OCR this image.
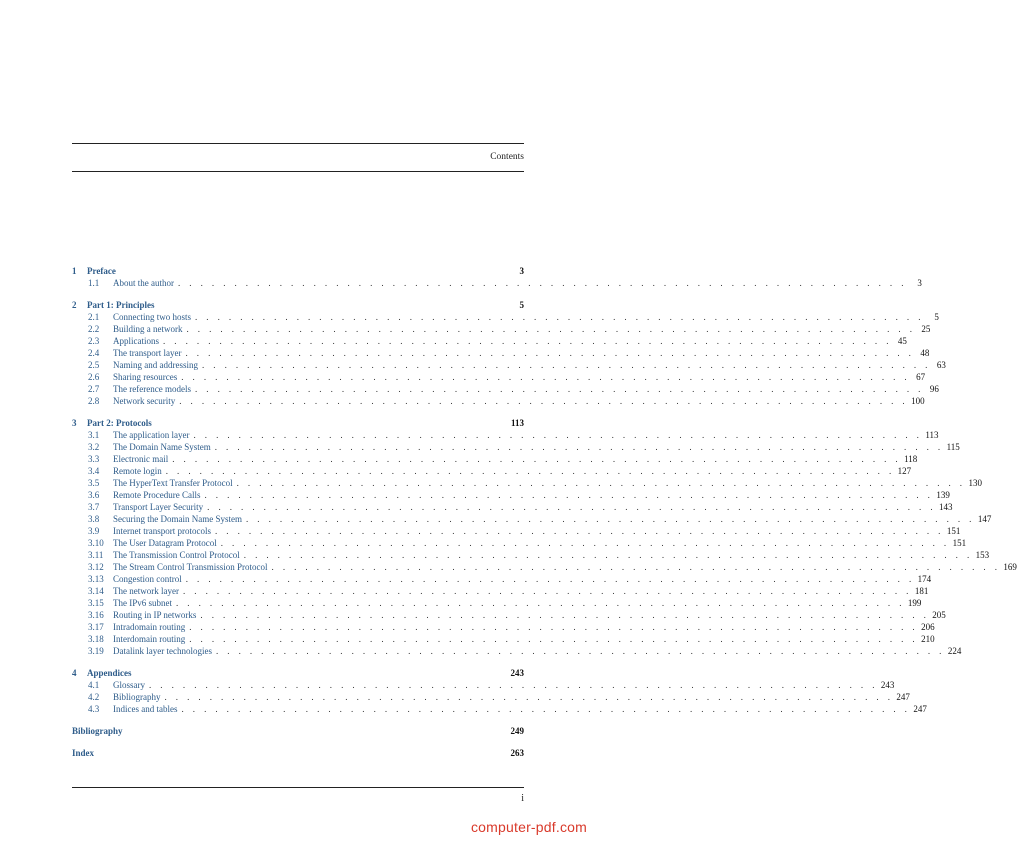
Contents
1 Preface	3
1.1 About the author . . . . . . . . . . . . . . . . . . . . . . . . . . . . . . . . . . . . . . . . . . . . . . . . . . . . . . . . . . . . . . . . .	3
2 Part 1: Principles	5
2.1 Connecting two hosts . . . . . . . . . . . . . . . . . . . . . . . . . . . . . . . . . . . . . . . . . . . . . . . . . . . . . . . . . . . . . . . . .	5
2.2 Building a network . . . . . . . . . . . . . . . . . . . . . . . . . . . . . . . . . . . . . . . . . . . . . . . . . . . . . . . . . . . . . . . . . 25
2.3 Applications . . . . . . . . . . . . . . . . . . . . . . . . . . . . . . . . . . . . . . . . . . . . . . . . . . . . . . . . . . . . . . . . . 45
2.4 The transport layer . . . . . . . . . . . . . . . . . . . . . . . . . . . . . . . . . . . . . . . . . . . . . . . . . . . . . . . . . . . . . . . . . 48
2.5 Naming and addressing . . . . . . . . . . . . . . . . . . . . . . . . . . . . . . . . . . . . . . . . . . . . . . . . . . . . . . . . . . . . . . . . . 63
2.6 Sharing resources . . . . . . . . . . . . . . . . . . . . . . . . . . . . . . . . . . . . . . . . . . . . . . . . . . . . . . . . . . . . . . . . . 67
2.7 The reference models . . . . . . . . . . . . . . . . . . . . . . . . . . . . . . . . . . . . . . . . . . . . . . . . . . . . . . . . . . . . . . . . . 96
2.8 Network security . . . . . . . . . . . . . . . . . . . . . . . . . . . . . . . . . . . . . . . . . . . . . . . . . . . . . . . . . . . . . . . . . 100
3 Part 2: Protocols	113
3.1 The application layer . . . . . . . . . . . . . . . . . . . . . . . . . . . . . . . . . . . . . . . . . . . . . . . . . . . . . . . . . . . . . . . . . 113
3.2 The Domain Name System . . . . . . . . . . . . . . . . . . . . . . . . . . . . . . . . . . . . . . . . . . . . . . . . . . . . . . . . . . . . . . . . . 115
3.3 Electronic mail . . . . . . . . . . . . . . . . . . . . . . . . . . . . . . . . . . . . . . . . . . . . . . . . . . . . . . . . . . . . . . . . . 118
3.4 Remote login . . . . . . . . . . . . . . . . . . . . . . . . . . . . . . . . . . . . . . . . . . . . . . . . . . . . . . . . . . . . . . . . . 127
3.5 The HyperText Transfer Protocol . . . . . . . . . . . . . . . . . . . . . . . . . . . . . . . . . . . . . . . . . . . . . . . . . . . . . . . . . . . . . . . . . 130
3.6 Remote Procedure Calls . . . . . . . . . . . . . . . . . . . . . . . . . . . . . . . . . . . . . . . . . . . . . . . . . . . . . . . . . . . . . . . . . 139
3.7 Transport Layer Security . . . . . . . . . . . . . . . . . . . . . . . . . . . . . . . . . . . . . . . . . . . . . . . . . . . . . . . . . . . . . . . . . 143
3.8 Securing the Domain Name System . . . . . . . . . . . . . . . . . . . . . . . . . . . . . . . . . . . . . . . . . . . . . . . . . . . . . . . . . . . . . . . . . 147
3.9 Internet transport protocols . . . . . . . . . . . . . . . . . . . . . . . . . . . . . . . . . . . . . . . . . . . . . . . . . . . . . . . . . . . . . . . . . 151
3.10 The User Datagram Protocol . . . . . . . . . . . . . . . . . . . . . . . . . . . . . . . . . . . . . . . . . . . . . . . . . . . . . . . . . . . . . . . . . 151
3.11 The Transmission Control Protocol . . . . . . . . . . . . . . . . . . . . . . . . . . . . . . . . . . . . . . . . . . . . . . . . . . . . . . . . . . . . . . . . . 153
3.12 The Stream Control Transmission Protocol . . . . . . . . . . . . . . . . . . . . . . . . . . . . . . . . . . . . . . . . . . . . . . . . . . . . . . . . . . . . . . . . . 169
3.13 Congestion control . . . . . . . . . . . . . . . . . . . . . . . . . . . . . . . . . . . . . . . . . . . . . . . . . . . . . . . . . . . . . . . . . 174
3.14 The network layer . . . . . . . . . . . . . . . . . . . . . . . . . . . . . . . . . . . . . . . . . . . . . . . . . . . . . . . . . . . . . . . . . 181
3.15 The IPv6 subnet . . . . . . . . . . . . . . . . . . . . . . . . . . . . . . . . . . . . . . . . . . . . . . . . . . . . . . . . . . . . . . . . . 199
3.16 Routing in IP networks . . . . . . . . . . . . . . . . . . . . . . . . . . . . . . . . . . . . . . . . . . . . . . . . . . . . . . . . . . . . . . . . . 205
3.17 Intradomain routing . . . . . . . . . . . . . . . . . . . . . . . . . . . . . . . . . . . . . . . . . . . . . . . . . . . . . . . . . . . . . . . . . 206
3.18 Interdomain routing . . . . . . . . . . . . . . . . . . . . . . . . . . . . . . . . . . . . . . . . . . . . . . . . . . . . . . . . . . . . . . . . . 210
3.19 Datalink layer technologies . . . . . . . . . . . . . . . . . . . . . . . . . . . . . . . . . . . . . . . . . . . . . . . . . . . . . . . . . . . . . . . . . 224
4 Appendices	243
4.1 Glossary . . . . . . . . . . . . . . . . . . . . . . . . . . . . . . . . . . . . . . . . . . . . . . . . . . . . . . . . . . . . . . . . . 243
4.2 Bibliography . . . . . . . . . . . . . . . . . . . . . . . . . . . . . . . . . . . . . . . . . . . . . . . . . . . . . . . . . . . . . . . . . 247
4.3 Indices and tables . . . . . . . . . . . . . . . . . . . . . . . . . . . . . . . . . . . . . . . . . . . . . . . . . . . . . . . . . . . . . . . . . 247
Bibliography	249
Index	263
i
computer-pdf.com
